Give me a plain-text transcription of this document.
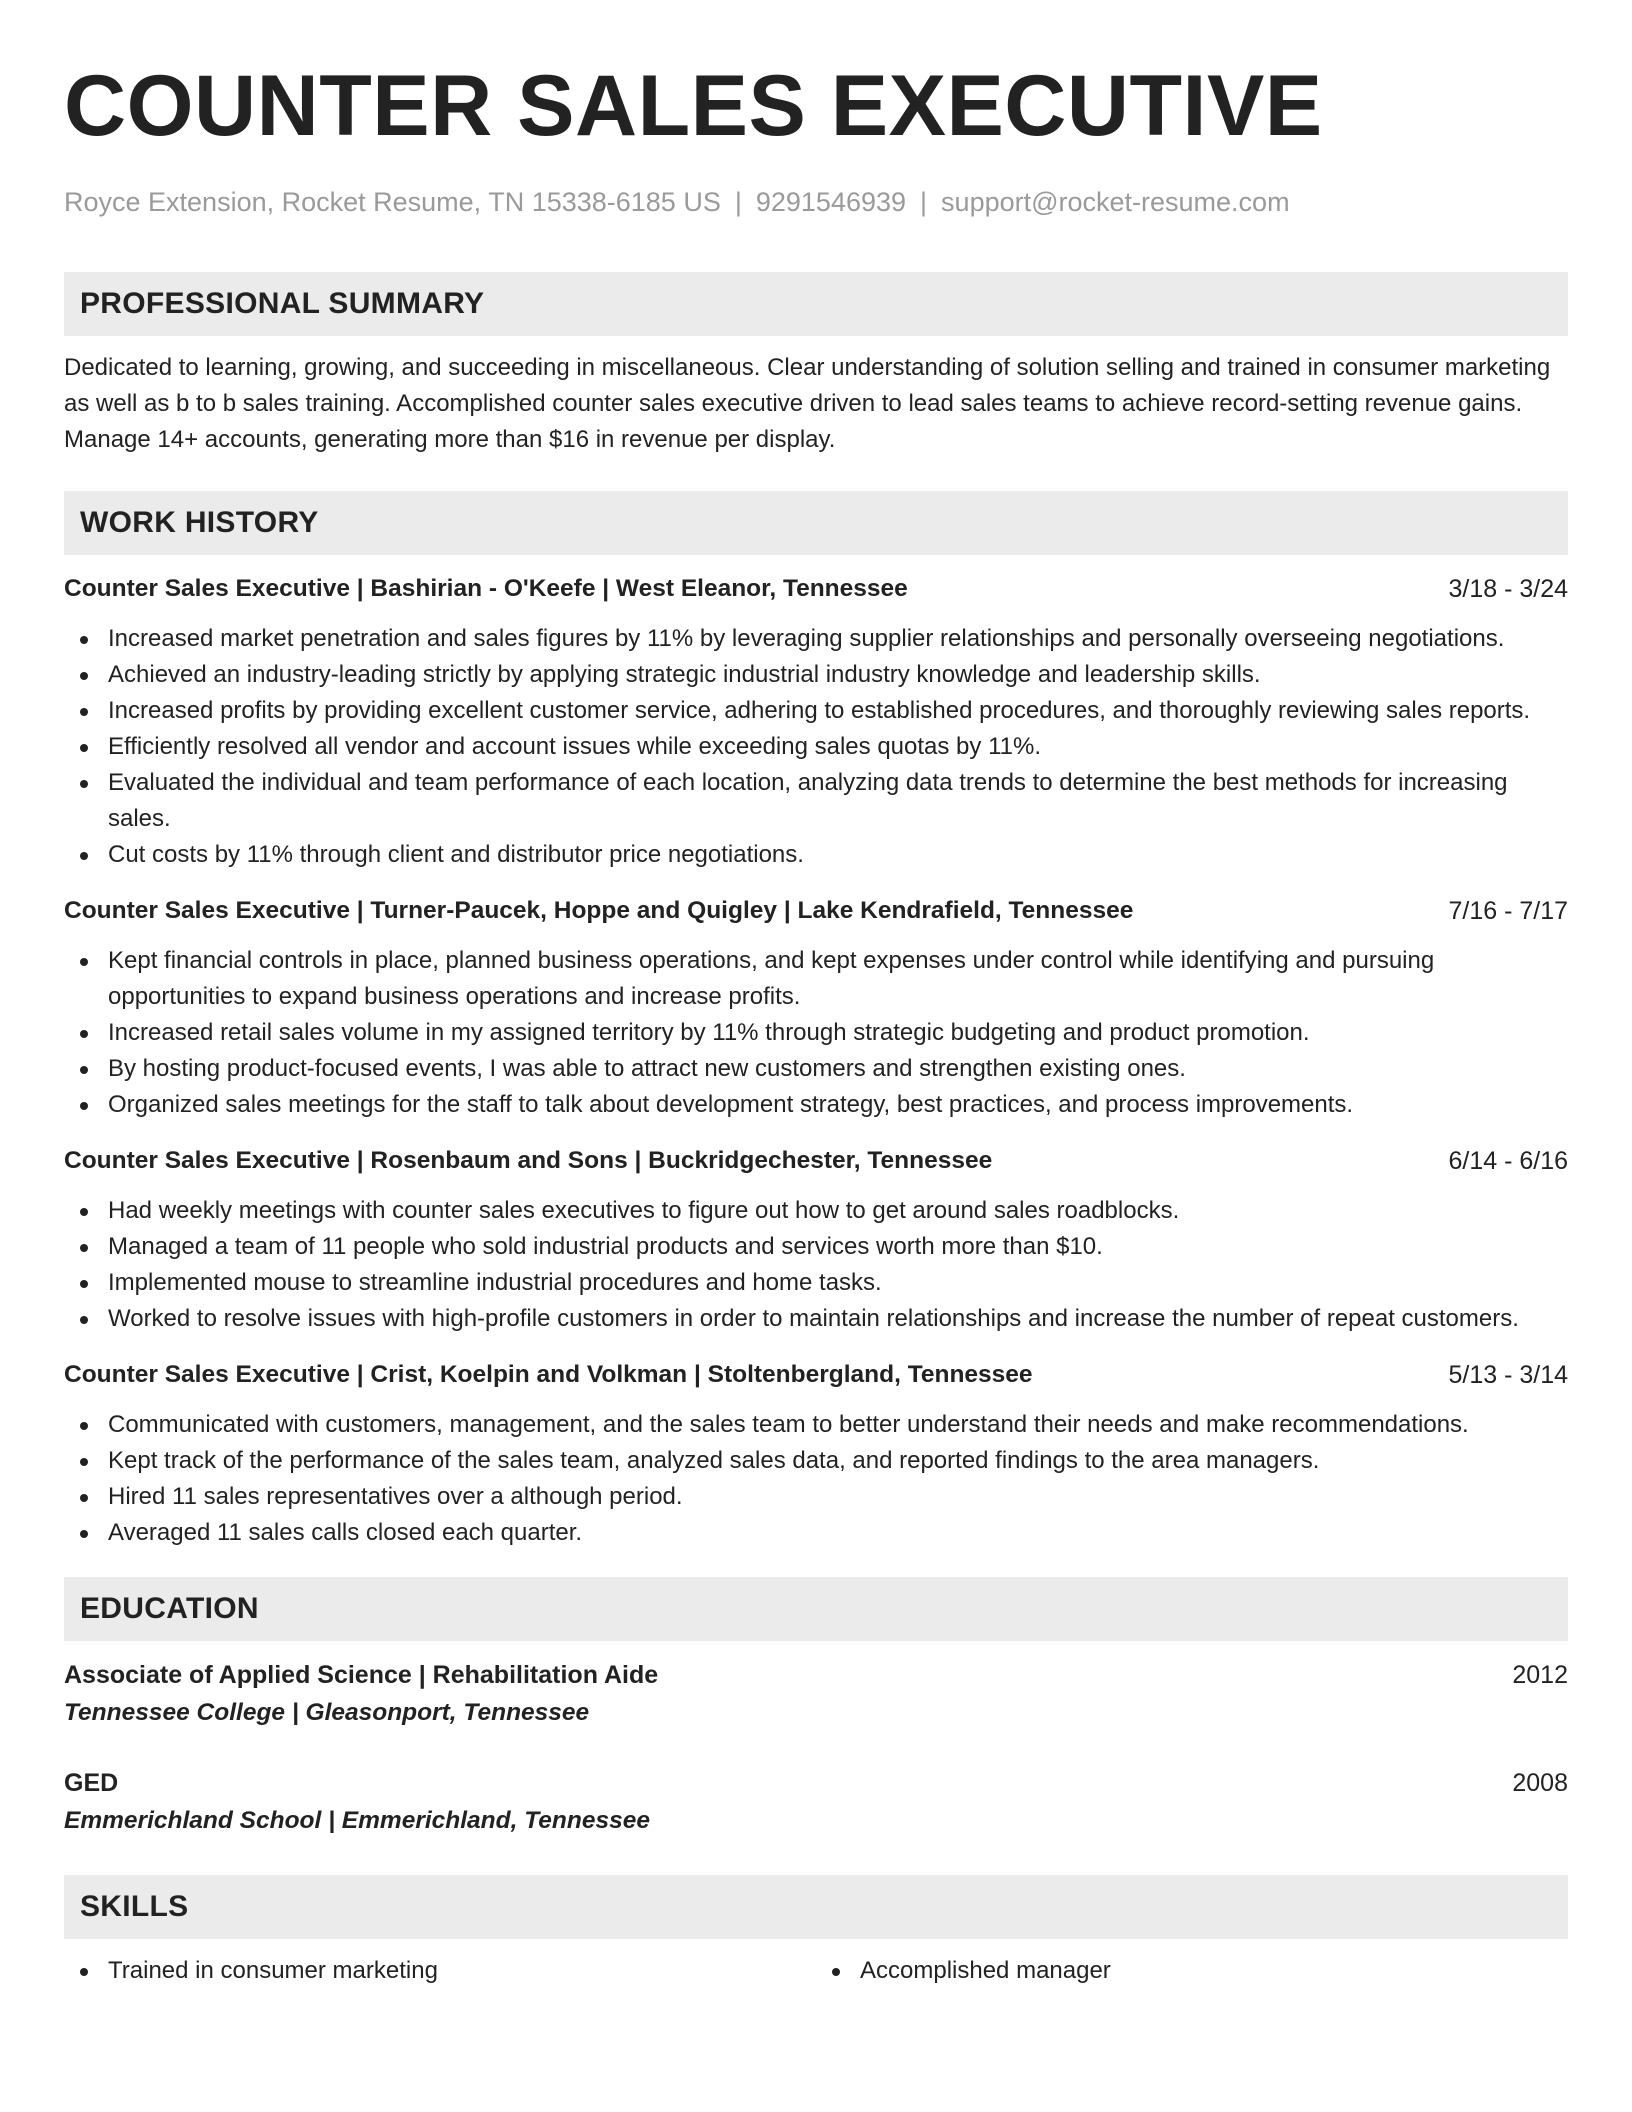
COUNTER SALES EXECUTIVE
Royce Extension, Rocket Resume, TN 15338-6185 US | 9291546939 | support@rocket-resume.com
PROFESSIONAL SUMMARY

Dedicated to learning, growing, and succeeding in miscellaneous. Clear understanding of solution selling and trained in consumer marketing as well as b to b sales training. Accomplished counter sales executive driven to lead sales teams to achieve record-setting revenue gains. Manage 14+ accounts, generating more than $16 in revenue per display.

WORK HISTORY
Counter Sales Executive | Bashirian - O'Keefe | West Eleanor, Tennessee	3/18 - 3/24
Increased market penetration and sales figures by 11% by leveraging supplier relationships and personally overseeing negotiations.
Achieved an industry-leading strictly by applying strategic industrial industry knowledge and leadership skills.
Increased profits by providing excellent customer service, adhering to established procedures, and thoroughly reviewing sales reports.
Efficiently resolved all vendor and account issues while exceeding sales quotas by 11%.
Evaluated the individual and team performance of each location, analyzing data trends to determine the best methods for increasing sales.
Cut costs by 11% through client and distributor price negotiations.
Counter Sales Executive | Turner-Paucek, Hoppe and Quigley | Lake Kendrafield, Tennessee	7/16 - 7/17
Kept financial controls in place, planned business operations, and kept expenses under control while identifying and pursuing opportunities to expand business operations and increase profits.
Increased retail sales volume in my assigned territory by 11% through strategic budgeting and product promotion.
By hosting product-focused events, I was able to attract new customers and strengthen existing ones.
Organized sales meetings for the staff to talk about development strategy, best practices, and process improvements.
Counter Sales Executive | Rosenbaum and Sons | Buckridgechester, Tennessee	6/14 - 6/16
Had weekly meetings with counter sales executives to figure out how to get around sales roadblocks.
Managed a team of 11 people who sold industrial products and services worth more than $10.
Implemented mouse to streamline industrial procedures and home tasks.
Worked to resolve issues with high-profile customers in order to maintain relationships and increase the number of repeat customers.
Counter Sales Executive | Crist, Koelpin and Volkman | Stoltenbergland, Tennessee	5/13 - 3/14
Communicated with customers, management, and the sales team to better understand their needs and make recommendations.
Kept track of the performance of the sales team, analyzed sales data, and reported findings to the area managers.
Hired 11 sales representatives over a although period.
Averaged 11 sales calls closed each quarter.
EDUCATION
Associate of Applied Science | Rehabilitation Aide	2012
Tennessee College | Gleasonport, Tennessee
GED	2008
Emmerichland School | Emmerichland, Tennessee
SKILLS
Trained in consumer marketing	Accomplished manager
